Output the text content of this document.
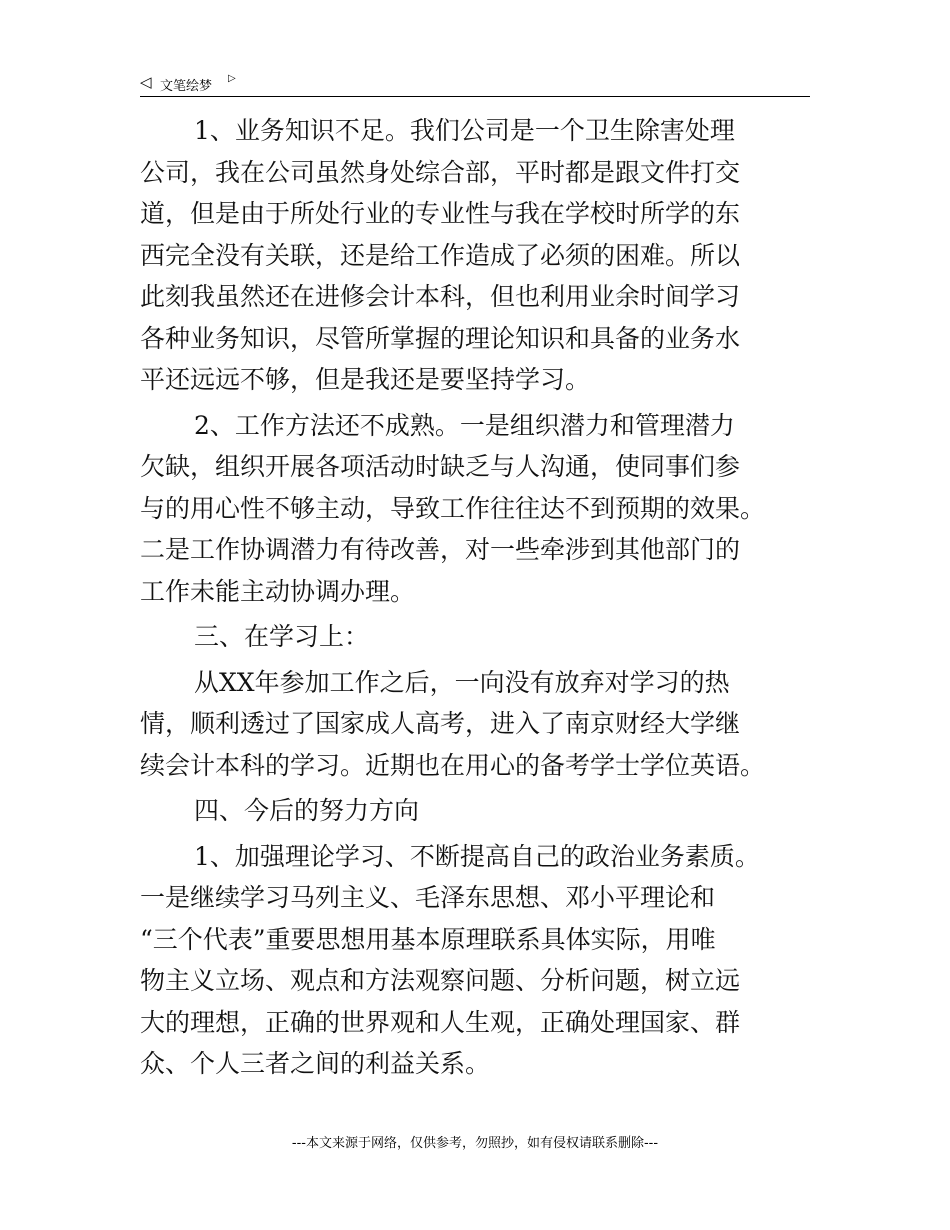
◁ 文笔绘梦
▷

1、业务知识不足。我们公司是一个卫生除害处理
公司，我在公司虽然身处综合部，平时都是跟文件打交
道，但是由于所处行业的专业性与我在学校时所学的东
西完全没有关联，还是给工作造成了必须的困难。所以
此刻我虽然还在进修会计本科，但也利用业余时间学习
各种业务知识，尽管所掌握的理论知识和具备的业务水
平还远远不够，但是我还是要坚持学习。

2、工作方法还不成熟。一是组织潜力和管理潜力
欠缺，组织开展各项活动时缺乏与人沟通，使同事们参
与的用心性不够主动，导致工作往往达不到预期的效果。
二是工作协调潜力有待改善，对一些牵涉到其他部门的
工作未能主动协调办理。

三、在学习上：

从XX年参加工作之后，一向没有放弃对学习的热
情，顺利透过了国家成人高考，进入了南京财经大学继
续会计本科的学习。近期也在用心的备考学士学位英语。

四、今后的努力方向

1、加强理论学习、不断提高自己的政治业务素质。
一是继续学习马列主义、毛泽东思想、邓小平理论和
“三个代表”重要思想用基本原理联系具体实际，用唯
物主义立场、观点和方法观察问题、分析问题，树立远
大的理想，正确的世界观和人生观，正确处理国家、群
众、个人三者之间的利益关系。

---本文来源于网络，仅供参考，勿照抄，如有侵权请联系删除---
